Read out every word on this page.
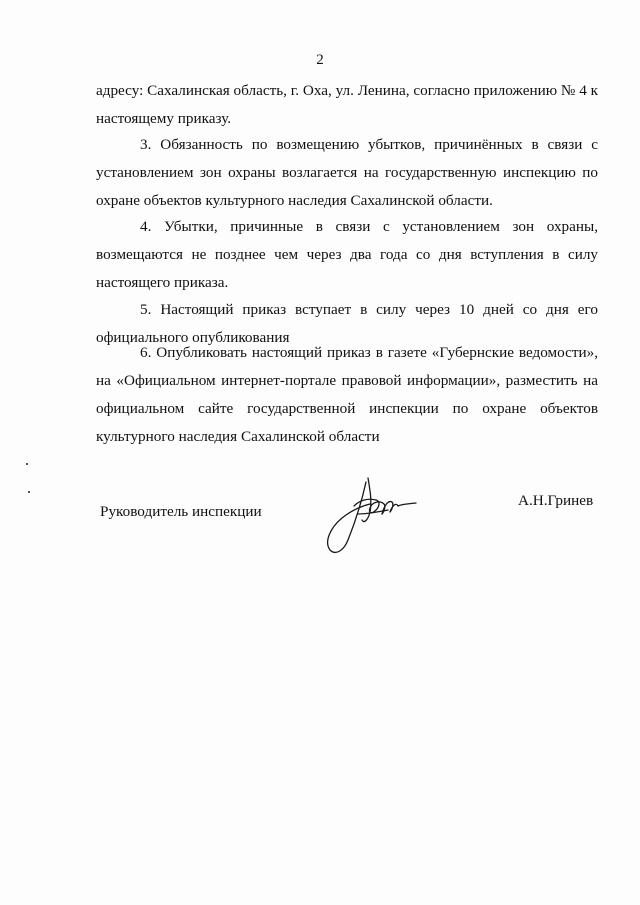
2
адресу: Сахалинская область, г. Оха, ул. Ленина, согласно приложению № 4 к настоящему приказу.
3. Обязанность по возмещению убытков, причинённых в связи с установлением зон охраны возлагается на государственную инспекцию по охране объектов культурного наследия Сахалинской области.
4. Убытки, причинные в связи с установлением зон охраны, возмещаются не позднее чем через два года со дня вступления в силу настоящего приказа.
5. Настоящий приказ вступает в силу через 10 дней со дня его официального опубликования
6. Опубликовать настоящий приказ в газете «Губернские ведомости», на «Официальном интернет-портале правовой информации», разместить на официальном сайте государственной инспекции по охране объектов культурного наследия Сахалинской области
Руководитель инспекции
А.Н.Гринев
